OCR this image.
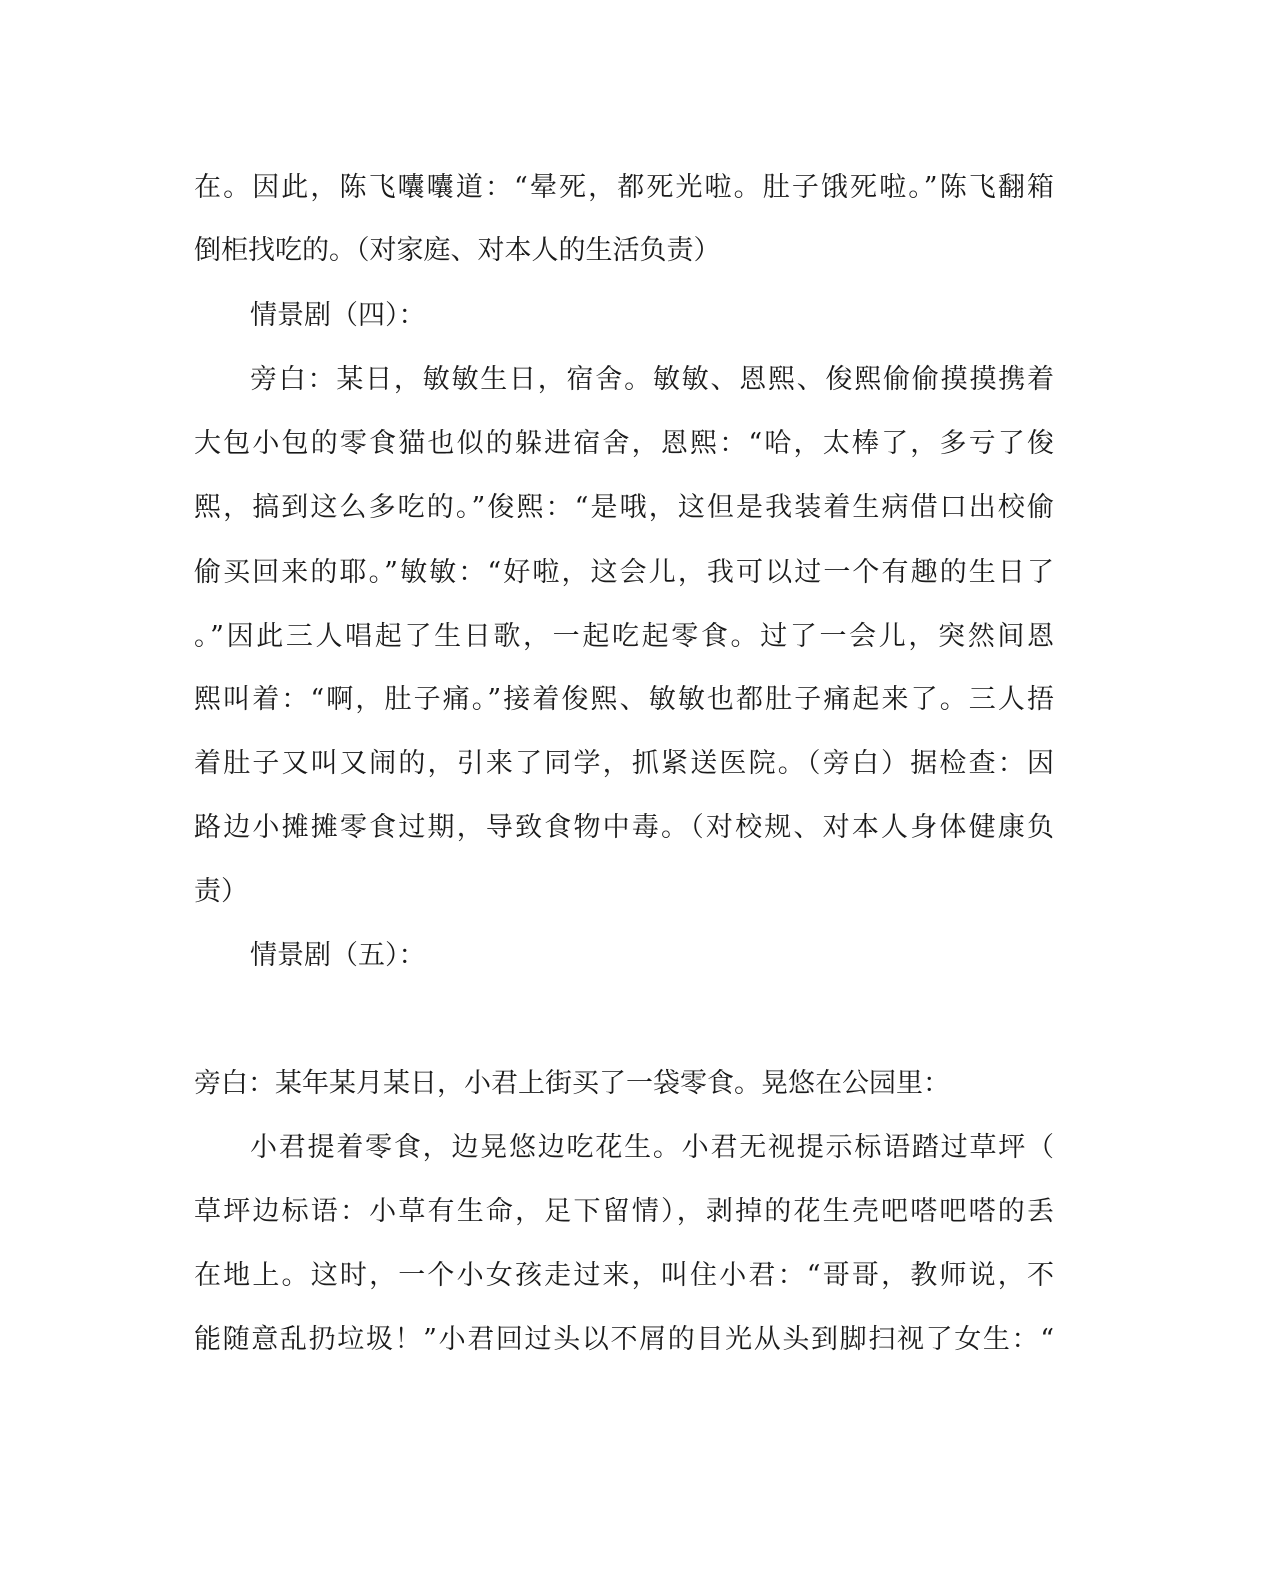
在。因此，陈飞囔囔道：“晕死，都死光啦。肚子饿死啦。”陈飞翻箱

倒柜找吃的。（对家庭、对本人的生活负责）

情景剧（四）：

旁白：某日，敏敏生日，宿舍。敏敏、恩熙、俊熙偷偷摸摸携着

大包小包的零食猫也似的躲进宿舍，恩熙：“哈，太棒了，多亏了俊

熙，搞到这么多吃的。”俊熙：“是哦，这但是我装着生病借口出校偷

偷买回来的耶。”敏敏：“好啦，这会儿，我可以过一个有趣的生日了

。”因此三人唱起了生日歌，一起吃起零食。过了一会儿，突然间恩

熙叫着：“啊，肚子痛。”接着俊熙、敏敏也都肚子痛起来了。三人捂

着肚子又叫又闹的，引来了同学，抓紧送医院。（旁白）据检查：因

路边小摊摊零食过期，导致食物中毒。（对校规、对本人身体健康负

责）

情景剧（五）：

旁白：某年某月某日，小君上街买了一袋零食。晃悠在公园里：

小君提着零食，边晃悠边吃花生。小君无视提示标语踏过草坪（

草坪边标语：小草有生命，足下留情），剥掉的花生壳吧嗒吧嗒的丢

在地上。这时，一个小女孩走过来，叫住小君：“哥哥，教师说，不

能随意乱扔垃圾！”小君回过头以不屑的目光从头到脚扫视了女生：“
